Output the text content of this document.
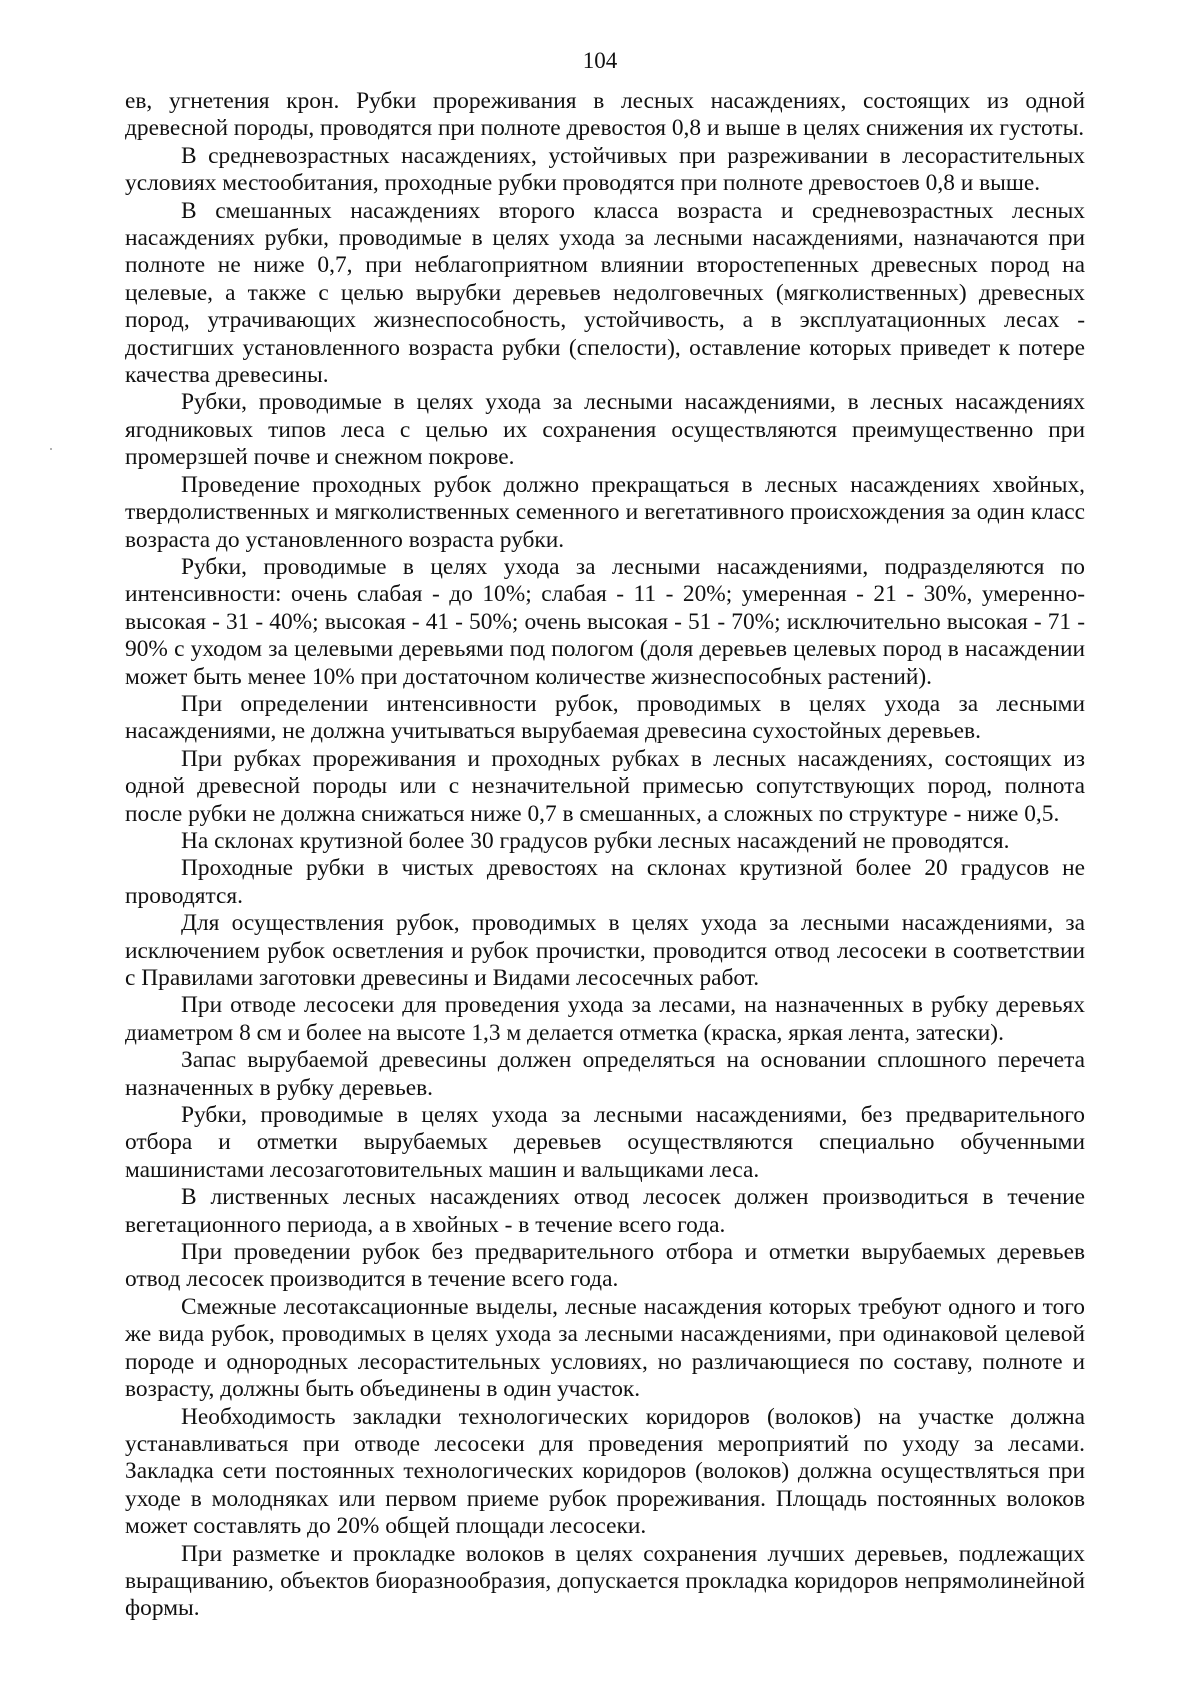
104

ев, угнетения крон. Рубки прореживания в лесных насаждениях, состоящих из одной древесной породы, проводятся при полноте древостоя 0,8 и выше в целях снижения их густоты.

В средневозрастных насаждениях, устойчивых при разреживании в лесорастительных условиях местообитания, проходные рубки проводятся при полноте древостоев 0,8 и выше.

В смешанных насаждениях второго класса возраста и средневозрастных лесных насаждениях рубки, проводимые в целях ухода за лесными насаждениями, назначаются при полноте не ниже 0,7, при неблагоприятном влиянии второстепенных древесных пород на целевые, а также с целью вырубки деревьев недолговечных (мягколиственных) древесных пород, утрачивающих жизнеспособность, устойчивость, а в эксплуатационных лесах - достигших установленного возраста рубки (спелости), оставление которых приведет к потере качества древесины.

Рубки, проводимые в целях ухода за лесными насаждениями, в лесных насаждениях ягодниковых типов леса с целью их сохранения осуществляются преимущественно при промерзшей почве и снежном покрове.

Проведение проходных рубок должно прекращаться в лесных насаждениях хвойных, твердолиственных и мягколиственных семенного и вегетативного происхождения за один класс возраста до установленного возраста рубки.

Рубки, проводимые в целях ухода за лесными насаждениями, подразделяются по интенсивности: очень слабая - до 10%; слабая - 11 - 20%; умеренная - 21 - 30%, умеренно-высокая - 31 - 40%; высокая - 41 - 50%; очень высокая - 51 - 70%; исключительно высокая - 71 - 90% с уходом за целевыми деревьями под пологом (доля деревьев целевых пород в насаждении может быть менее 10% при достаточном количестве жизнеспособных растений).

При определении интенсивности рубок, проводимых в целях ухода за лесными насаждениями, не должна учитываться вырубаемая древесина сухостойных деревьев.

При рубках прореживания и проходных рубках в лесных насаждениях, состоящих из одной древесной породы или с незначительной примесью сопутствующих пород, полнота после рубки не должна снижаться ниже 0,7 в смешанных, а сложных по структуре - ниже 0,5.

На склонах крутизной более 30 градусов рубки лесных насаждений не проводятся.

Проходные рубки в чистых древостоях на склонах крутизной более 20 градусов не проводятся.

Для осуществления рубок, проводимых в целях ухода за лесными насаждениями, за исключением рубок осветления и рубок прочистки, проводится отвод лесосеки в соответствии с Правилами заготовки древесины и Видами лесосечных работ.

При отводе лесосеки для проведения ухода за лесами, на назначенных в рубку деревьях диаметром 8 см и более на высоте 1,3 м делается отметка (краска, яркая лента, затески).

Запас вырубаемой древесины должен определяться на основании сплошного перечета назначенных в рубку деревьев.

Рубки, проводимые в целях ухода за лесными насаждениями, без предварительного отбора и отметки вырубаемых деревьев осуществляются специально обученными машинистами лесозаготовительных машин и вальщиками леса.

В лиственных лесных насаждениях отвод лесосек должен производиться в течение вегетационного периода, а в хвойных - в течение всего года.

При проведении рубок без предварительного отбора и отметки вырубаемых деревьев отвод лесосек производится в течение всего года.

Смежные лесотаксационные выделы, лесные насаждения которых требуют одного и того же вида рубок, проводимых в целях ухода за лесными насаждениями, при одинаковой целевой породе и однородных лесорастительных условиях, но различающиеся по составу, полноте и возрасту, должны быть объединены в один участок.

Необходимость закладки технологических коридоров (волоков) на участке должна устанавливаться при отводе лесосеки для проведения мероприятий по уходу за лесами. Закладка сети постоянных технологических коридоров (волоков) должна осуществляться при уходе в молодняках или первом приеме рубок прореживания. Площадь постоянных волоков может составлять до 20% общей площади лесосеки.

При разметке и прокладке волоков в целях сохранения лучших деревьев, подлежащих выращиванию, объектов биоразнообразия, допускается прокладка коридоров непрямолинейной формы.
